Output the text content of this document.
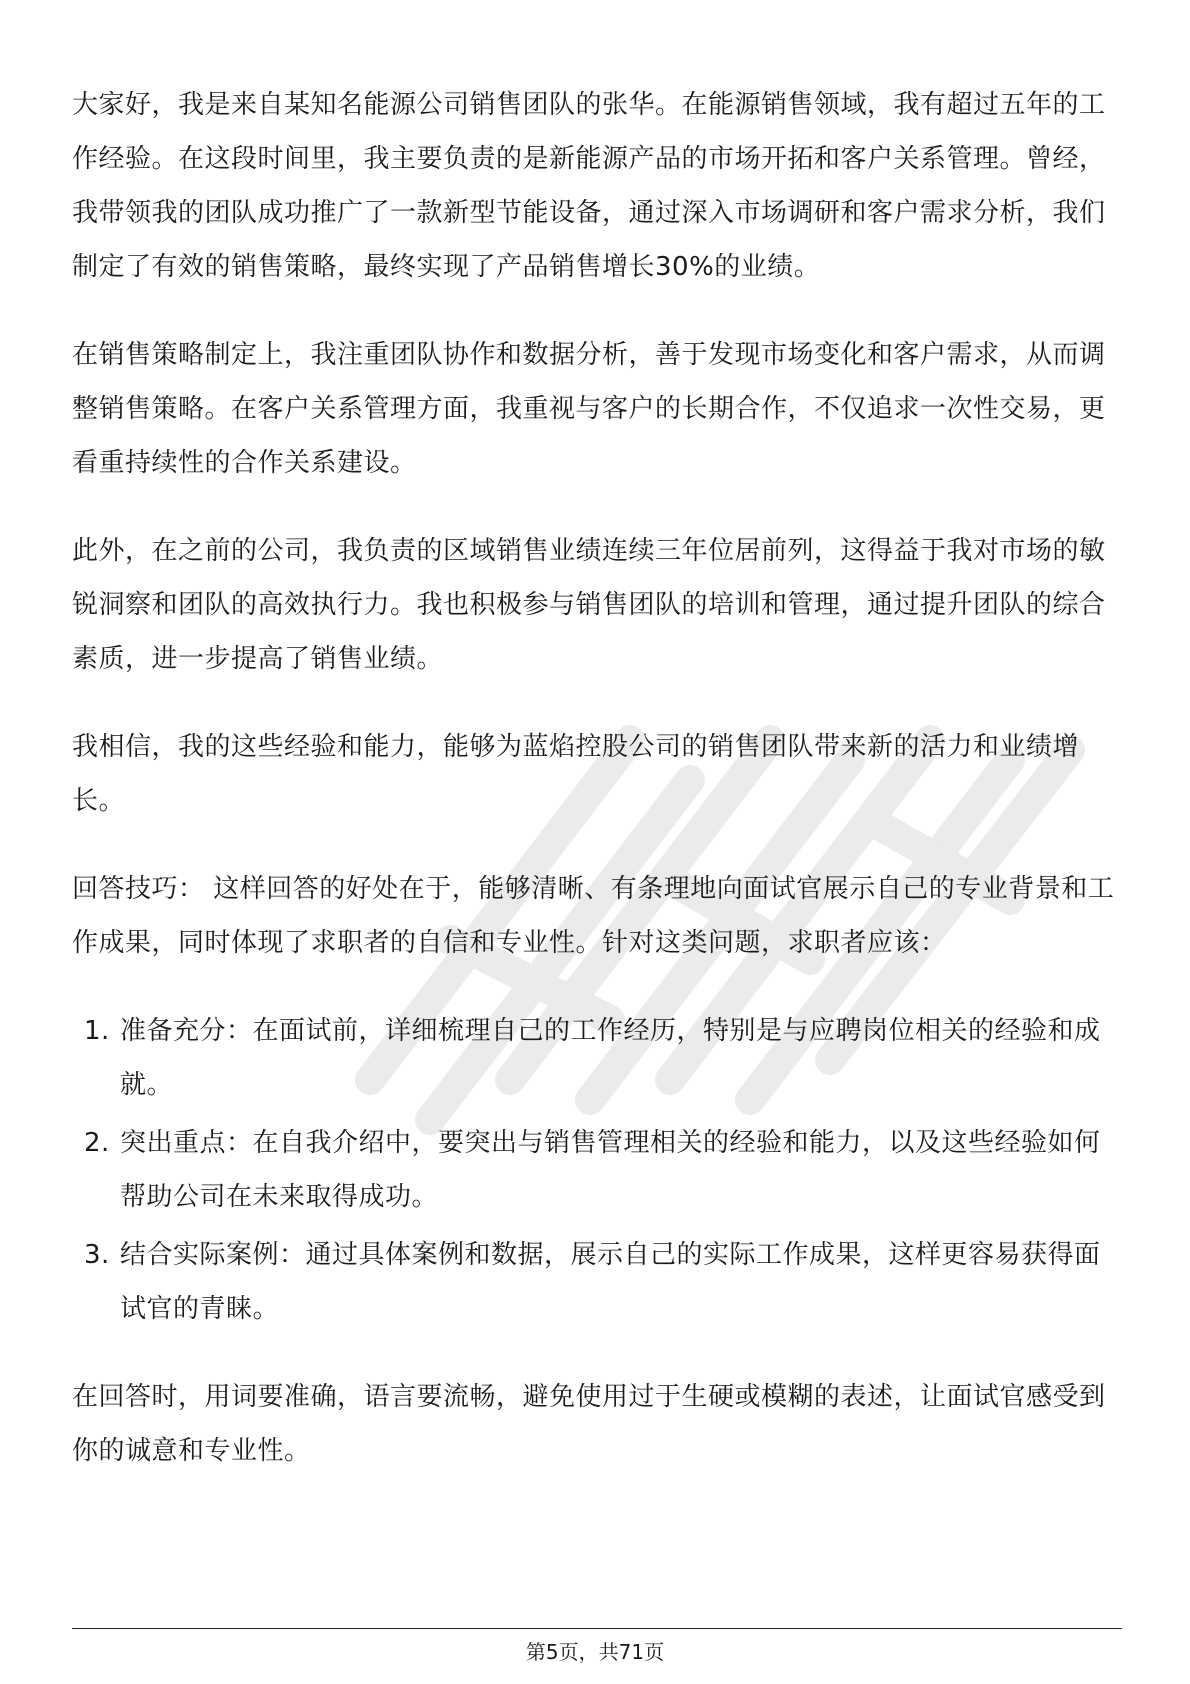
大家好，我是来自某知名能源公司销售团队的张华。在能源销售领域，我有超过五年的工作经验。在这段时间里，我主要负责的是新能源产品的市场开拓和客户关系管理。曾经，我带领我的团队成功推广了一款新型节能设备，通过深入市场调研和客户需求分析，我们制定了有效的销售策略，最终实现了产品销售增长30%的业绩。

在销售策略制定上，我注重团队协作和数据分析，善于发现市场变化和客户需求，从而调整销售策略。在客户关系管理方面，我重视与客户的长期合作，不仅追求一次性交易，更看重持续性的合作关系建设。

此外，在之前的公司，我负责的区域销售业绩连续三年位居前列，这得益于我对市场的敏锐洞察和团队的高效执行力。我也积极参与销售团队的培训和管理，通过提升团队的综合素质，进一步提高了销售业绩。

我相信，我的这些经验和能力，能够为蓝焰控股公司的销售团队带来新的活力和业绩增长。

回答技巧： 这样回答的好处在于，能够清晰、有条理地向面试官展示自己的专业背景和工作成果，同时体现了求职者的自信和专业性。针对这类问题，求职者应该：

1. 准备充分：在面试前，详细梳理自己的工作经历，特别是与应聘岗位相关的经验和成就。
2. 突出重点：在自我介绍中，要突出与销售管理相关的经验和能力，以及这些经验如何帮助公司在未来取得成功。
3. 结合实际案例：通过具体案例和数据，展示自己的实际工作成果，这样更容易获得面试官的青睐。

在回答时，用词要准确，语言要流畅，避免使用过于生硬或模糊的表述，让面试官感受到你的诚意和专业性。

第5页，共71页
